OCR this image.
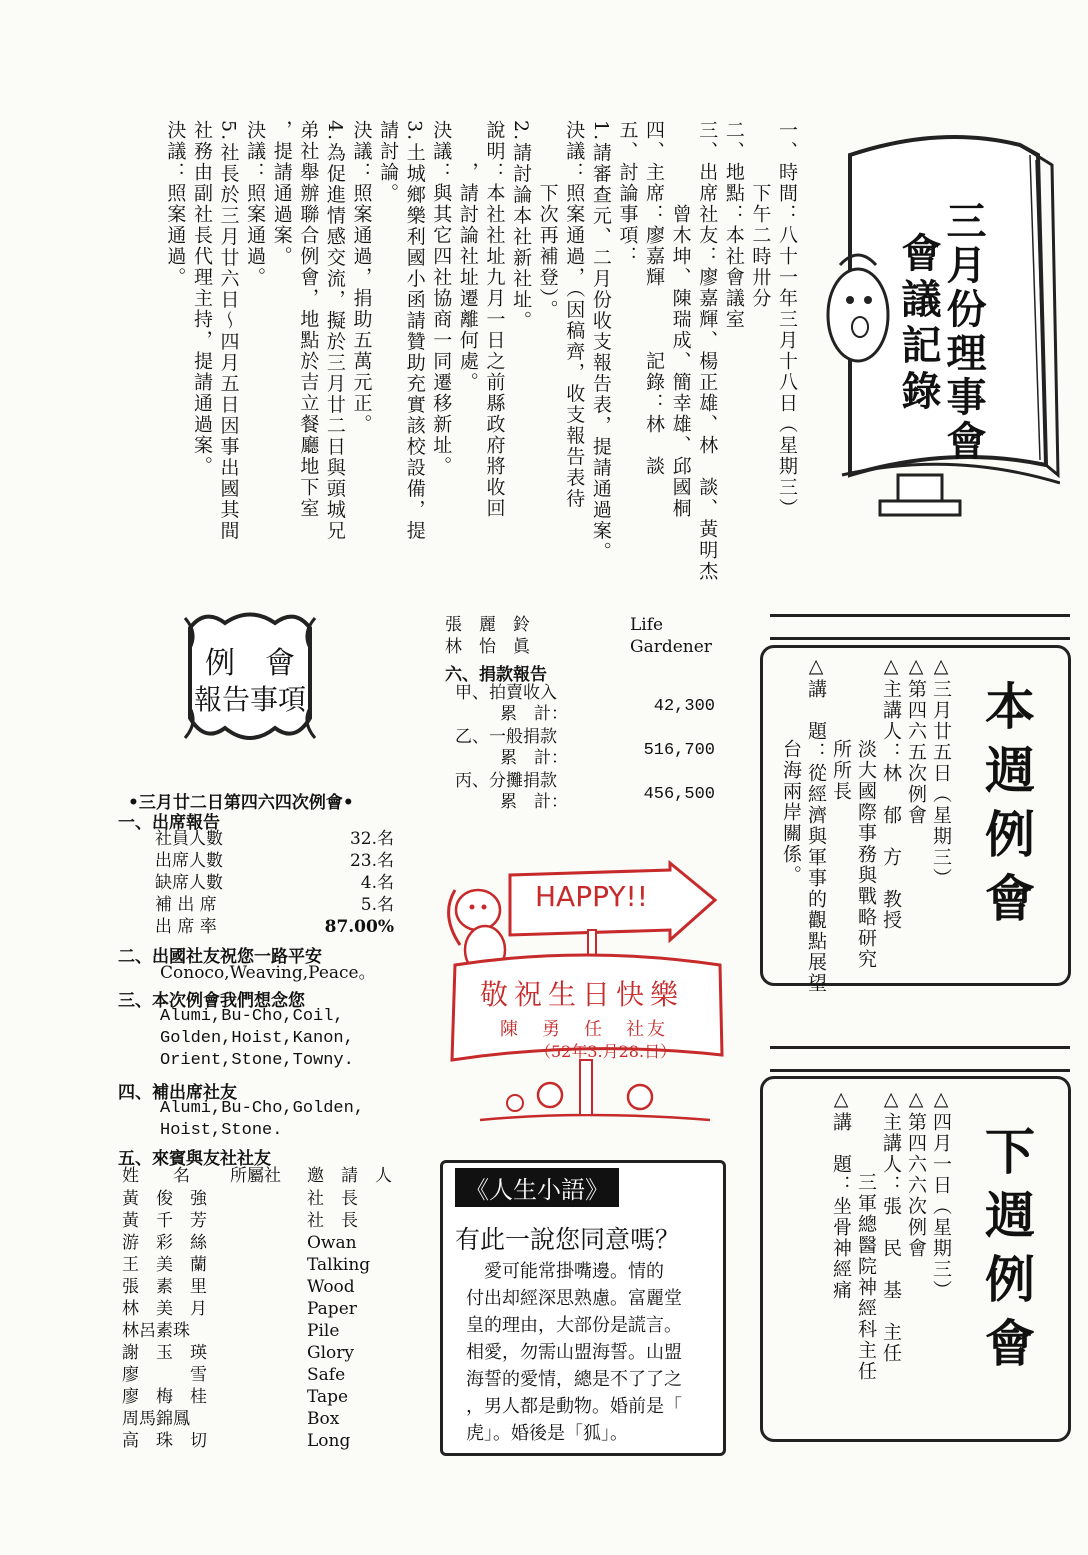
三月份理事會
會議記錄
一、時間：八十一年三月十八日（星期三）
　　　下午二時卅分
二、地點：本社會議室
三、出席社友：廖嘉輝、楊正雄、林　談、黃明杰
　　　　曾木坤、陳瑞成、簡幸雄、邱國桐
四、主席：廖嘉輝　　　記錄：林　談
五、討論事項：
1.請審查元、二月份收支報告表，提請通過案。
決議：照案通過，（因稿齊，收支報告表待
　　　下次再補登）。
2.請討論本社新社址。
說明：本社社址九月一日之前縣政府將收回
　　，請討論社址遷離何處。
決議：與其它四社協商一同遷移新址。
3.土城鄉樂利國小函請贊助充實該校設備，提
請討論。
決議：照案通過，捐助五萬元正。
4.為促進情感交流，擬於三月廿二日與頭城兄
弟社舉辦聯合例會，地點於吉立餐廳地下室
，提請通過案。
決議：照案通過。
5.社長於三月廿六日～四月五日因事出國其間
社務由副社長代理主持，提請通過案。
決議：照案通過。
本週例會
△三月廿五日（星期三）
△第四六五次例會
△主講人：林　郁　方　教授
　　　　淡大國際事務與戰略研究
　　　　所所長
△講　題：從經濟與軍事的觀點展望
　　　　台海兩岸關係。
下週例會
△四月一日（星期三）
△第四六六次例會
△主講人：張　民　基　主任
　　　　三軍總醫院神經科主任
△講　題：坐骨神經痛
例　會
報告事項
•三月廿二日第四六四次例會•
一、出席報告
社員人數	32.名
出席人數	23.名
缺席人數	4.名
補 出 席	5.名
出 席 率	87.00%
二、出國社友祝您一路平安
Conoco,Weaving,Peace。
三、本次例會我們想念您
Alumi,Bu-Cho,Coil,
Golden,Hoist,Kanon,
Orient,Stone,Towny.
四、補出席社友
Alumi,Bu-Cho,Golden,
Hoist,Stone.
五、來賓與友社社友
姓　　名 所屬社 邀　請　人
黃　俊　強	社　長
黃　千　芳	社　長
游　彩　絲	Owan
王　美　蘭	Talking
張　素　里	Wood
林　美　月	Paper
林呂素珠	Pile
謝　玉　瑛	Glory
廖　　　雪	Safe
廖　梅　桂	Tape
周馬錦鳳	Box
高　珠　切	Long
張　麗　鈴	Life
林　怡　眞	Gardener
六、捐款報告
甲、拍賣收入
累　計：	42,300
乙、一般捐款
累　計：	516,700
丙、分攤捐款
累　計：	456,500
HAPPY!!
敬祝生日快樂
陳　勇　任　社友
（52年3.月28.日）
《人生小語》
有此一說您同意嗎？
　愛可能常掛嘴邊。情的
付出却經深思熟慮。富麗堂
皇的理由，大部份是謊言。
相愛，勿需山盟海誓。山盟
海誓的愛情，總是不了了之
，男人都是動物。婚前是「
虎」。婚後是「狐」。
